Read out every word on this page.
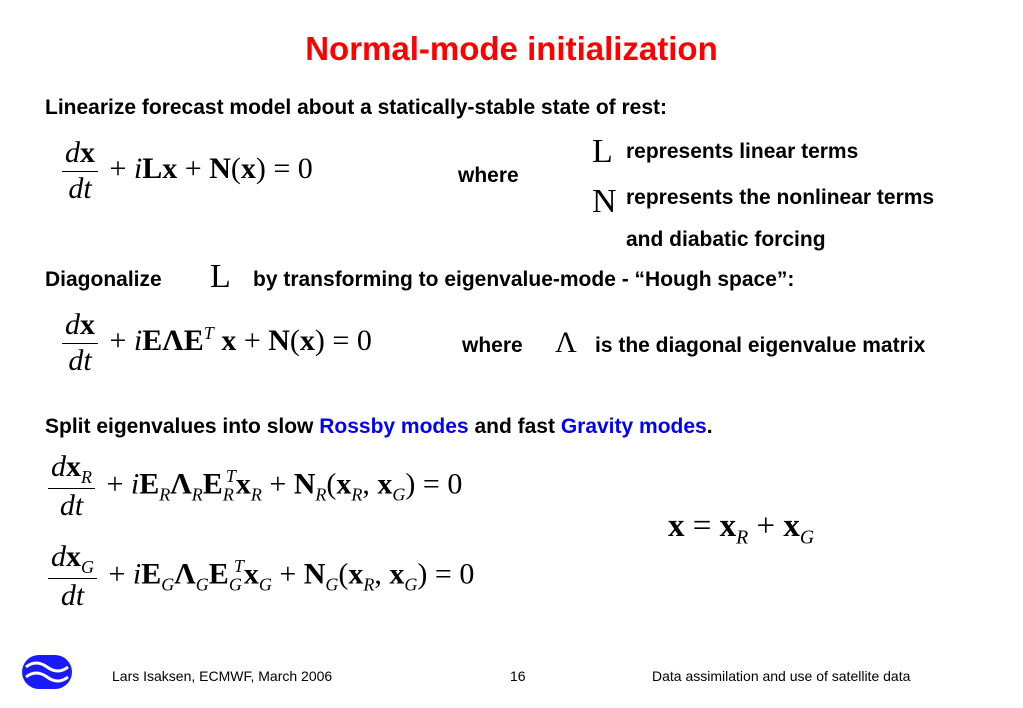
Normal-mode initialization
Linearize forecast model about a statically-stable state of rest:
$\frac{dx}{dt}$ + iLx + N(x) = 0	where
L represents linear terms
N represents the nonlinear terms
and diabatic forcing
Diagonalize L by transforming to eigenvalue-mode - “Hough space”:
$\frac{dx}{dt} + iE\Lambda E^T$ x + N(x) = 0	where Λ is the diagonal eigenvalue matrix
Split eigenvalues into slow Rossby modes and fast Gravity modes.
$\frac{dx_R}{dt} + iE_R\Lambda_RE_R^Tx_R + N_R(x_R$, $x_G) = 0$
$\frac{dx_G}{dt} + iE_G\Lambda_GE_G^Tx_G + N_G(x_R$, $x_G) = 0$
$x = x_R + x_G$
Lars Isaksen, ECMWF, March 2006	16	Data assimilation and use of satellite data
